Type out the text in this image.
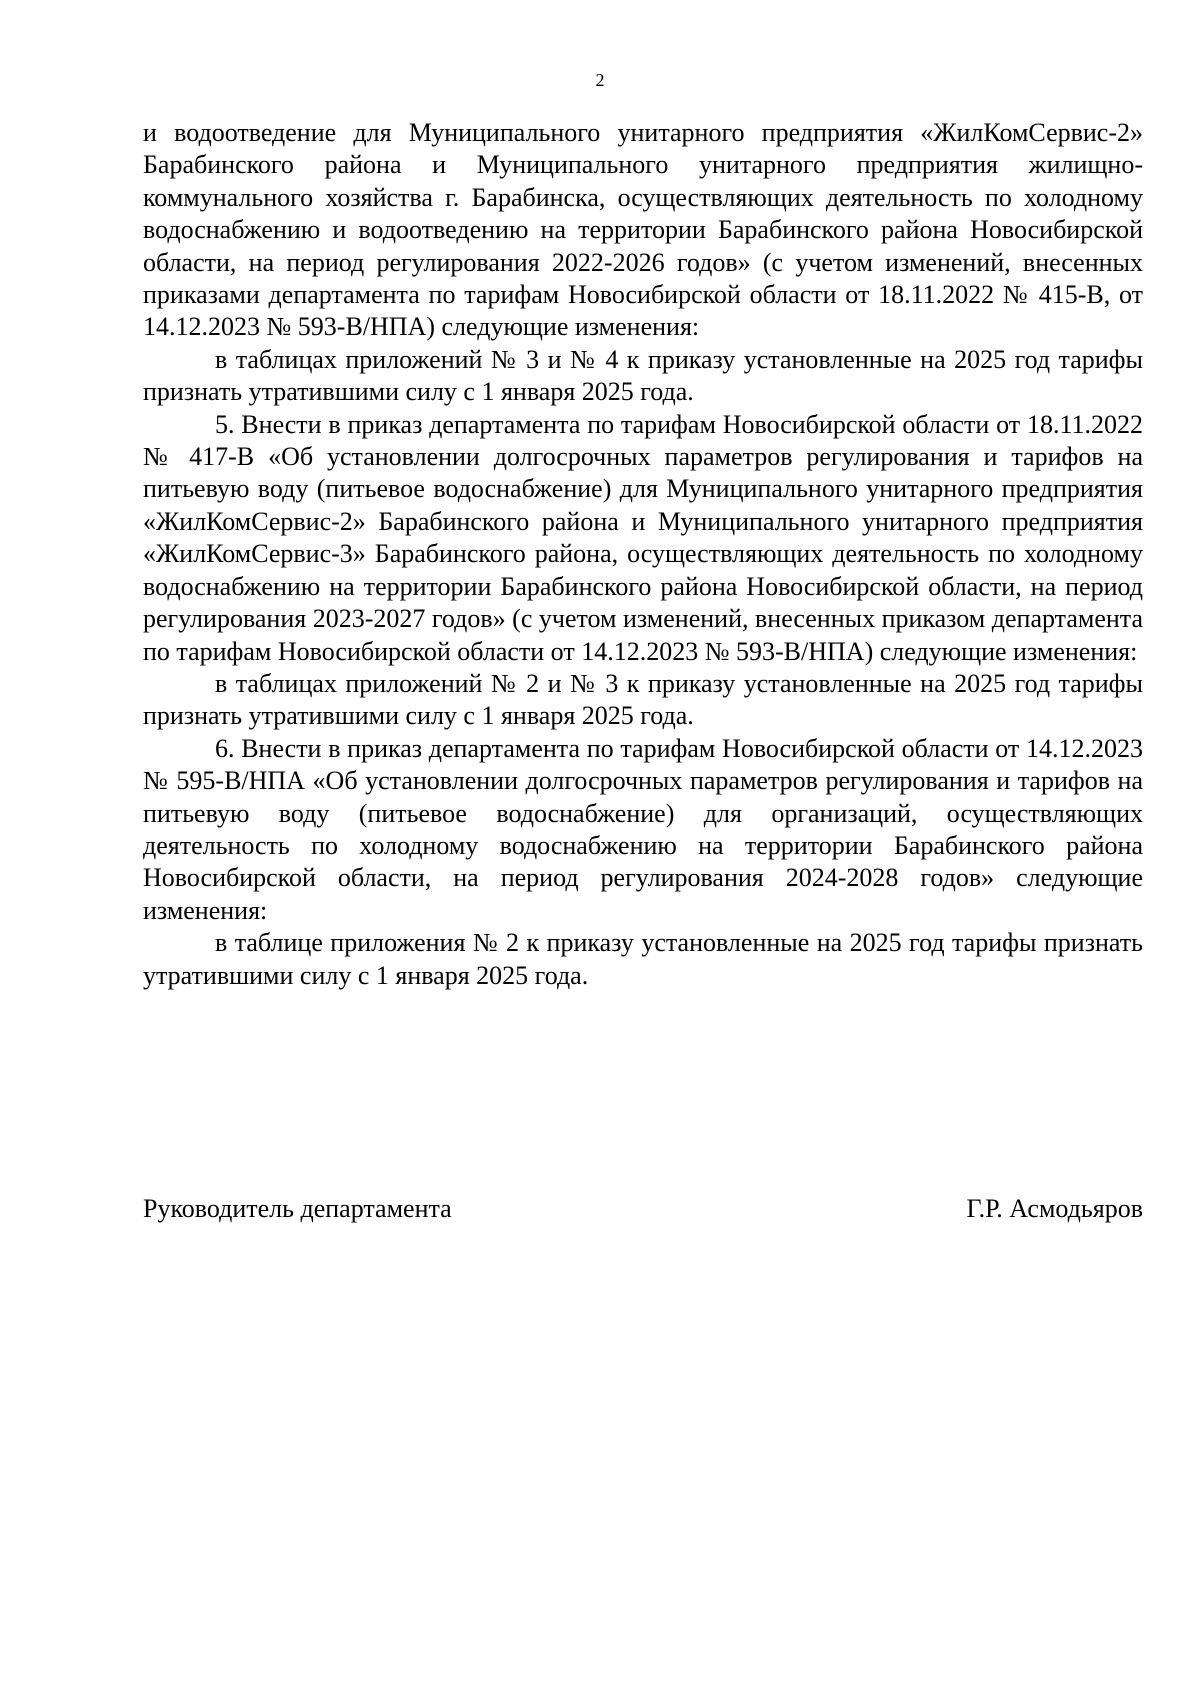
2

и водоотведение для Муниципального унитарного предприятия «ЖилКомСервис-2» Барабинского района и Муниципального унитарного предприятия жилищно-коммунального хозяйства г. Барабинска, осуществляющих деятельность по холодному водоснабжению и водоотведению на территории Барабинского района Новосибирской области, на период регулирования 2022-2026 годов» (с учетом изменений, внесенных приказами департамента по тарифам Новосибирской области от 18.11.2022 № 415-В, от 14.12.2023 № 593-В/НПА) следующие изменения:

в таблицах приложений № 3 и № 4 к приказу установленные на 2025 год тарифы признать утратившими силу с 1 января 2025 года.

5. Внести в приказ департамента по тарифам Новосибирской области от 18.11.2022 № 417-В «Об установлении долгосрочных параметров регулирования и тарифов на питьевую воду (питьевое водоснабжение) для Муниципального унитарного предприятия «ЖилКомСервис-2» Барабинского района и Муниципального унитарного предприятия «ЖилКомСервис-3» Барабинского района, осуществляющих деятельность по холодному водоснабжению на территории Барабинского района Новосибирской области, на период регулирования 2023-2027 годов» (с учетом изменений, внесенных приказом департамента по тарифам Новосибирской области от 14.12.2023 № 593-В/НПА) следующие изменения:

в таблицах приложений № 2 и № 3 к приказу установленные на 2025 год тарифы признать утратившими силу с 1 января 2025 года.

6. Внести в приказ департамента по тарифам Новосибирской области от 14.12.2023 № 595-В/НПА «Об установлении долгосрочных параметров регулирования и тарифов на питьевую воду (питьевое водоснабжение) для организаций, осуществляющих деятельность по холодному водоснабжению на территории Барабинского района Новосибирской области, на период регулирования 2024-2028 годов» следующие изменения:

в таблице приложения № 2 к приказу установленные на 2025 год тарифы признать утратившими силу с 1 января 2025 года.

Руководитель департамента	Г.Р. Асмодьяров
